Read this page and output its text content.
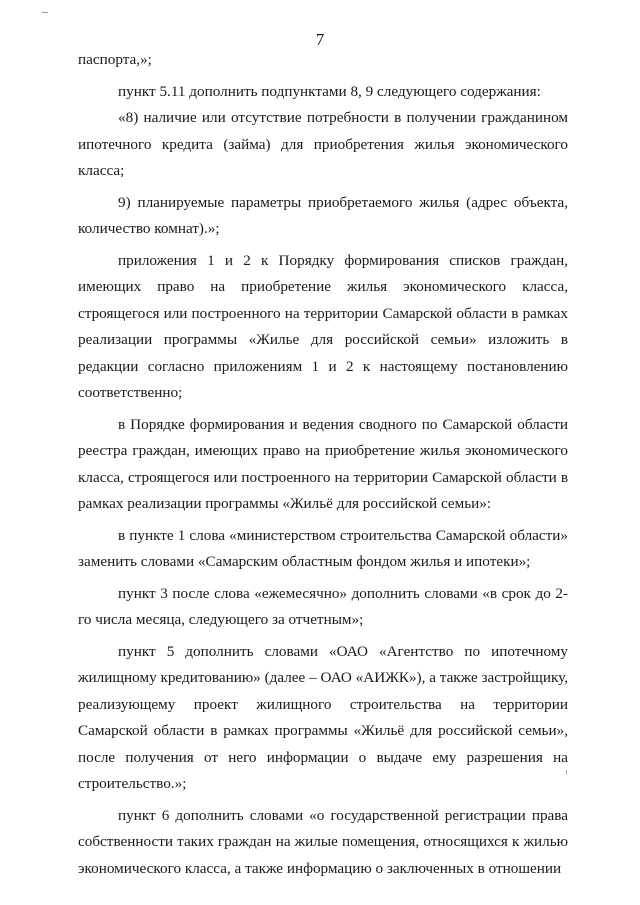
7

паспорта,»;

пункт 5.11 дополнить подпунктами 8, 9 следующего содержания:

«8) наличие или отсутствие потребности в получении гражданином ипотечного кредита (займа) для приобретения жилья экономического класса;

9) планируемые параметры приобретаемого жилья (адрес объекта, количество комнат).»;

приложения 1 и 2 к Порядку формирования списков граждан, имеющих право на приобретение жилья экономического класса, строящегося или построенного на территории Самарской области в рамках реализации программы «Жилье для российской семьи» изложить в редакции согласно приложениям 1 и 2 к настоящему постановлению соответственно;

в Порядке формирования и ведения сводного по Самарской области реестра граждан, имеющих право на приобретение жилья экономического класса, строящегося или построенного на территории Самарской области в рамках реализации программы «Жильё для российской семьи»:

в пункте 1 слова «министерством строительства Самарской области» заменить словами «Самарским областным фондом жилья и ипотеки»;

пункт 3 после слова «ежемесячно» дополнить словами «в срок до 2-го числа месяца, следующего за отчетным»;

пункт 5 дополнить словами «ОАО «Агентство по ипотечному жилищному кредитованию» (далее – ОАО «АИЖК»), а также застройщику, реализующему проект жилищного строительства на территории Самарской области в рамках программы «Жильё для российской семьи», после получения от него информации о выдаче ему разрешения на строительство.»;

пункт 6 дополнить словами «о государственной регистрации права собственности таких граждан на жилые помещения, относящихся к жилью экономического класса, а также информацию о заключенных в отношении
